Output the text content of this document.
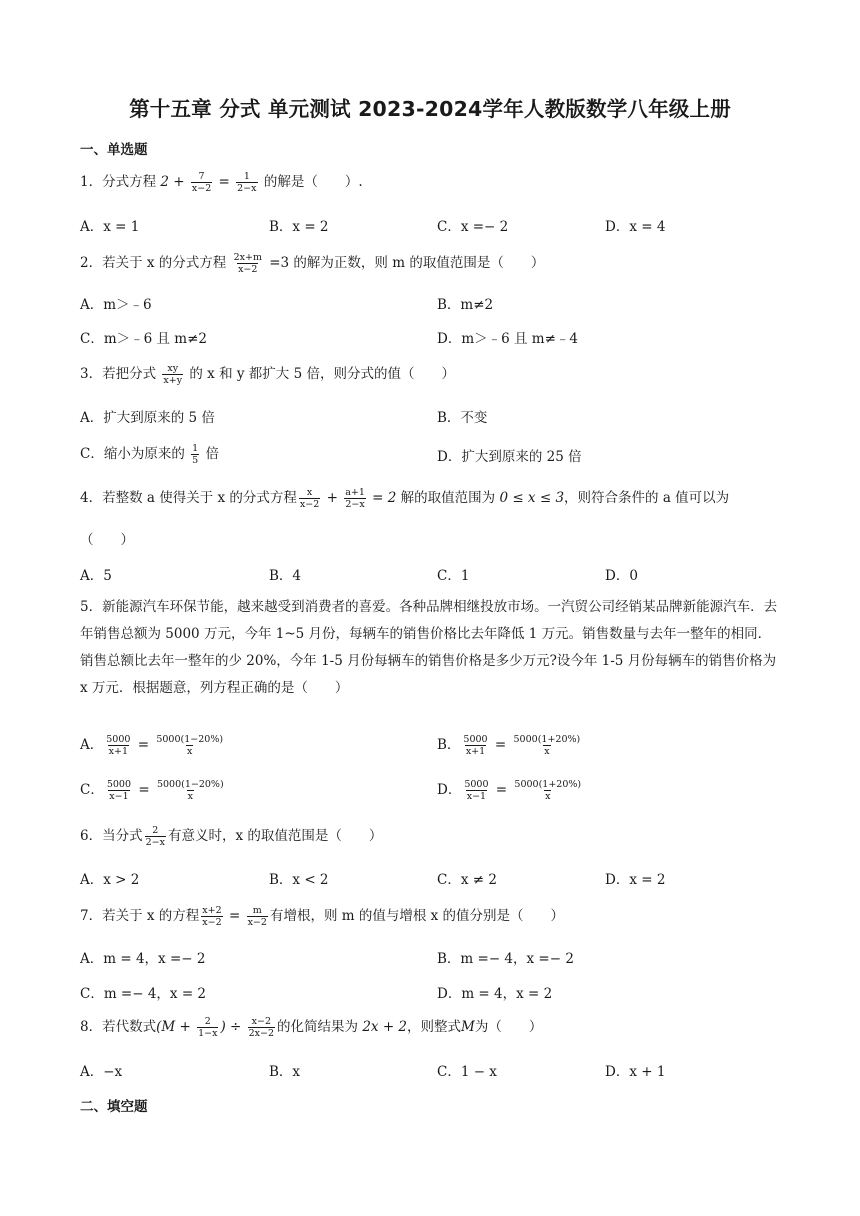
第十五章 分式 单元测试 2023-2024学年人教版数学八年级上册
一、单选题
1．分式方程 $2 + \frac{7}{x-2} = \frac{1}{2-x}$ 的解是（　　）.
A．x = 1	B．x = 2	C．x =− 2	D．x = 4
2．若关于 x 的分式方程 $\frac{2x+m}{x-2} =3$ 的解为正数，则 m 的取值范围是（　　）
A．m＞﹣6	B．m≠2
C．m＞﹣6 且 m≠2	D．m＞﹣6 且 m≠﹣4
3．若把分式 $\frac{xy}{x+y}$ 的 x 和 y 都扩大 5 倍，则分式的值（　　）
A．扩大到原来的 5 倍	B．不变
C．缩小为原来的 $\frac{1}{5}$ 倍	D．扩大到原来的 25 倍
4．若整数 a 使得关于 x 的分式方程 $\frac{x}{x-2} + \frac{a+1}{2-x} = 2$ 解的取值范围为 0 ≤ x ≤ 3，则符合条件的 a 值可以为
（　　）
A．5	B．4	C．1	D．0
5．新能源汽车环保节能，越来越受到消费者的喜爱。各种品牌相继投放市场。一汽贸公司经销某品牌新能源汽车．去年销售总额为 5000 万元，今年 1~5 月份，每辆车的销售价格比去年降低 1 万元。销售数量与去年一整年的相同．销售总额比去年一整年的少 20%，今年 1-5 月份每辆车的销售价格是多少万元?设今年 1-5 月份每辆车的销售价格为 x 万元．根据题意，列方程正确的是（　　）
A． $\frac{5000}{x+1} = \frac{5000(1-20\%)}{x}$	B． $\frac{5000}{x+1} = \frac{5000(1+20\%)}{x}$
C． $\frac{5000}{x-1} = \frac{5000(1-20\%)}{x}$	D． $\frac{5000}{x-1} = \frac{5000(1+20\%)}{x}$
6．当分式 $\frac{2}{2-x}$ 有意义时，x 的取值范围是（　　）
A．x > 2	B．x < 2	C．x ≠ 2	D．x = 2
7．若关于 x 的方程 $\frac{x+2}{x-2} = \frac{m}{x-2}$ 有增根，则 m 的值与增根 x 的值分别是（　　）
A．m = 4，x =− 2	B．m =− 4，x =− 2
C．m =− 4，x = 2	D．m = 4，x = 2
8．若代数式($M + \frac{2}{1-x}$ ) ÷ $\frac{x-2}{2x-2}$ 的化简结果为 2x + 2，则整式M为（　　）
A．−x	B．x	C．1 − x	D．x + 1
二、填空题
